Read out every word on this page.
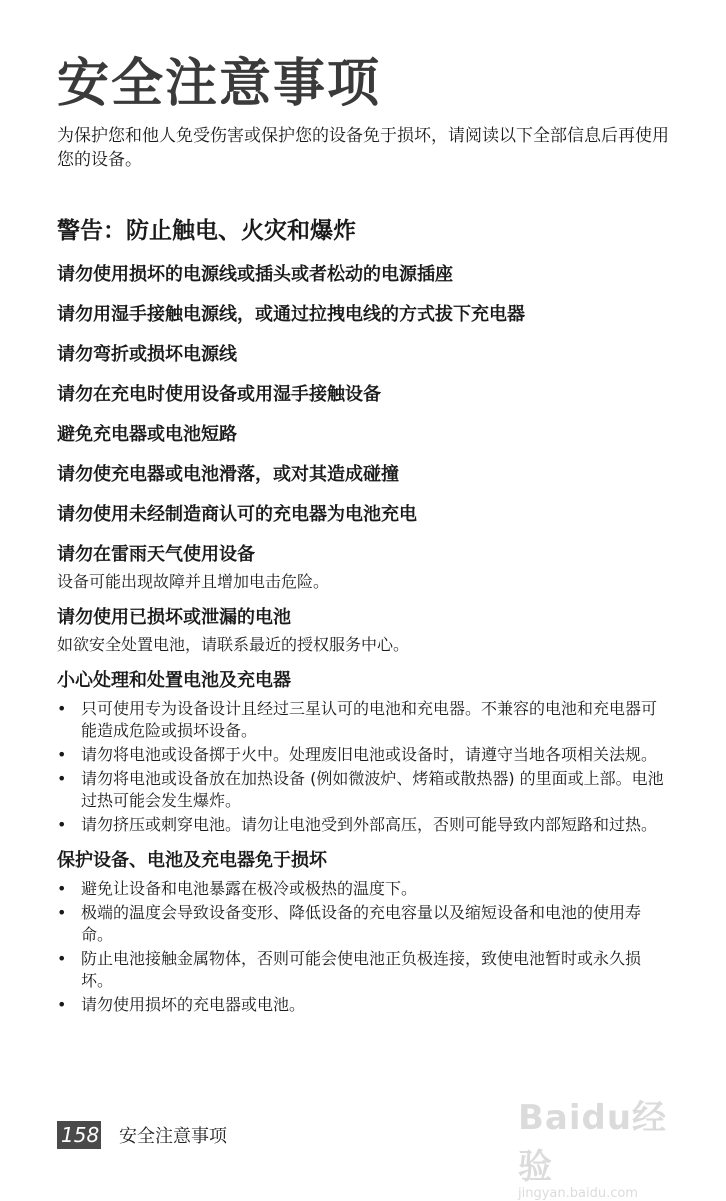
安全注意事项

为保护您和他人免受伤害或保护您的设备免于损坏，请阅读以下全部信息后再使用您的设备。

警告：防止触电、火灾和爆炸

请勿使用损坏的电源线或插头或者松动的电源插座

请勿用湿手接触电源线，或通过拉拽电线的方式拔下充电器

请勿弯折或损坏电源线

请勿在充电时使用设备或用湿手接触设备

避免充电器或电池短路

请勿使充电器或电池滑落，或对其造成碰撞

请勿使用未经制造商认可的充电器为电池充电

请勿在雷雨天气使用设备

设备可能出现故障并且增加电击危险。

请勿使用已损坏或泄漏的电池

如欲安全处置电池，请联系最近的授权服务中心。

小心处理和处置电池及充电器

• 只可使用专为设备设计且经过三星认可的电池和充电器。不兼容的电池和充电器可能造成危险或损坏设备。
• 请勿将电池或设备掷于火中。处理废旧电池或设备时，请遵守当地各项相关法规。
• 请勿将电池或设备放在加热设备 (例如微波炉、烤箱或散热器) 的里面或上部。电池过热可能会发生爆炸。
• 请勿挤压或刺穿电池。请勿让电池受到外部高压，否则可能导致内部短路和过热。

保护设备、电池及充电器免于损坏

• 避免让设备和电池暴露在极冷或极热的温度下。
• 极端的温度会导致设备变形、降低设备的充电容量以及缩短设备和电池的使用寿命。
• 防止电池接触金属物体，否则可能会使电池正负极连接，致使电池暂时或永久损坏。
• 请勿使用损坏的充电器或电池。
158 安全注意事项	Baidu经验
jingyan.baidu.com
